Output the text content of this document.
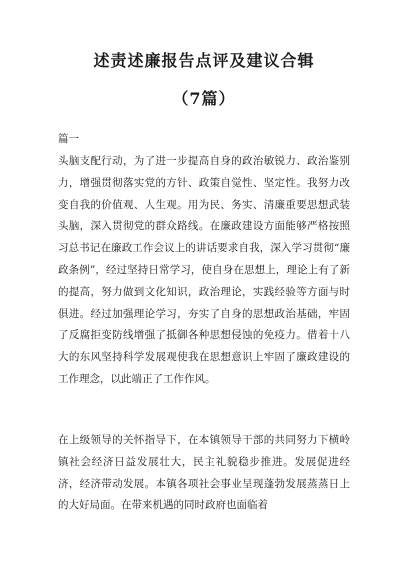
述责述廉报告点评及建议合辑
（7篇）

篇一

头脑支配行动，为了进一步提高自身的政治敏锐力、政治鉴别力，增强贯彻落实党的方针、政策自觉性、坚定性。我努力改变自我的价值观、人生观。用为民、务实、清廉重要思想武装头脑，深入贯彻党的群众路线。在廉政建设方面能够严格按照习总书记在廉政工作会议上的讲话要求自我，深入学习贯彻“廉政条例”，经过坚持日常学习，使自身在思想上，理论上有了新的提高，努力做到文化知识，政治理论，实践经验等方面与时俱进。经过加强理论学习，夯实了自身的思想政治基础，牢固了反腐拒变防线增强了抵御各种思想侵蚀的免疫力。借着十八大的东风坚持科学发展观使我在思想意识上牢固了廉政建设的工作理念，以此端正了工作作风。

在上级领导的关怀指导下，在本镇领导干部的共同努力下横岭镇社会经济日益发展壮大，民主礼貌稳步推进。发展促进经济，经济带动发展。本镇各项社会事业呈现蓬勃发展蒸蒸日上的大好局面。在带来机遇的同时政府也面临着
